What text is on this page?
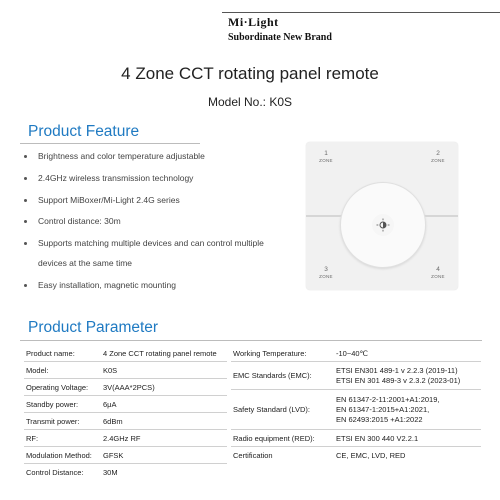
Mi·Light
Subordinate New Brand
4 Zone CCT rotating panel remote
Model No.: K0S
Product Feature
Brightness and color temperature adjustable
2.4GHz wireless transmission technology
Support MiBoxer/Mi-Light 2.4G series
Control distance: 30m
Supports matching multiple devices and can control multiple
devices at the same time
Easy installation, magnetic mounting
1
ZONE
2
ZONE
3
ZONE
4
ZONE
Product Parameter
Product name:	4 Zone CCT rotating panel remote
Model:	K0S
Operating Voltage: 3V(AAA*2PCS)
Standby power:	6μA
Transmit power:	6dBm
RF:	2.4GHz RF
Modulation Method: GFSK
Control Distance:	30M
Working Temperature:	-10~40℃
EMC Standards (EMC):
ETSI EN301 489-1 v 2.2.3 (2019-11)
ETSI EN 301 489-3 v 2.3.2 (2023-01)
Safety Standard (LVD):
EN 61347-2-11:2001+A1:2019,
EN 61347-1:2015+A1:2021,
EN 62493:2015 +A1:2022
Radio equipment (RED):	ETSI EN 300 440 V2.2.1
Certification	CE, EMC, LVD, RED
